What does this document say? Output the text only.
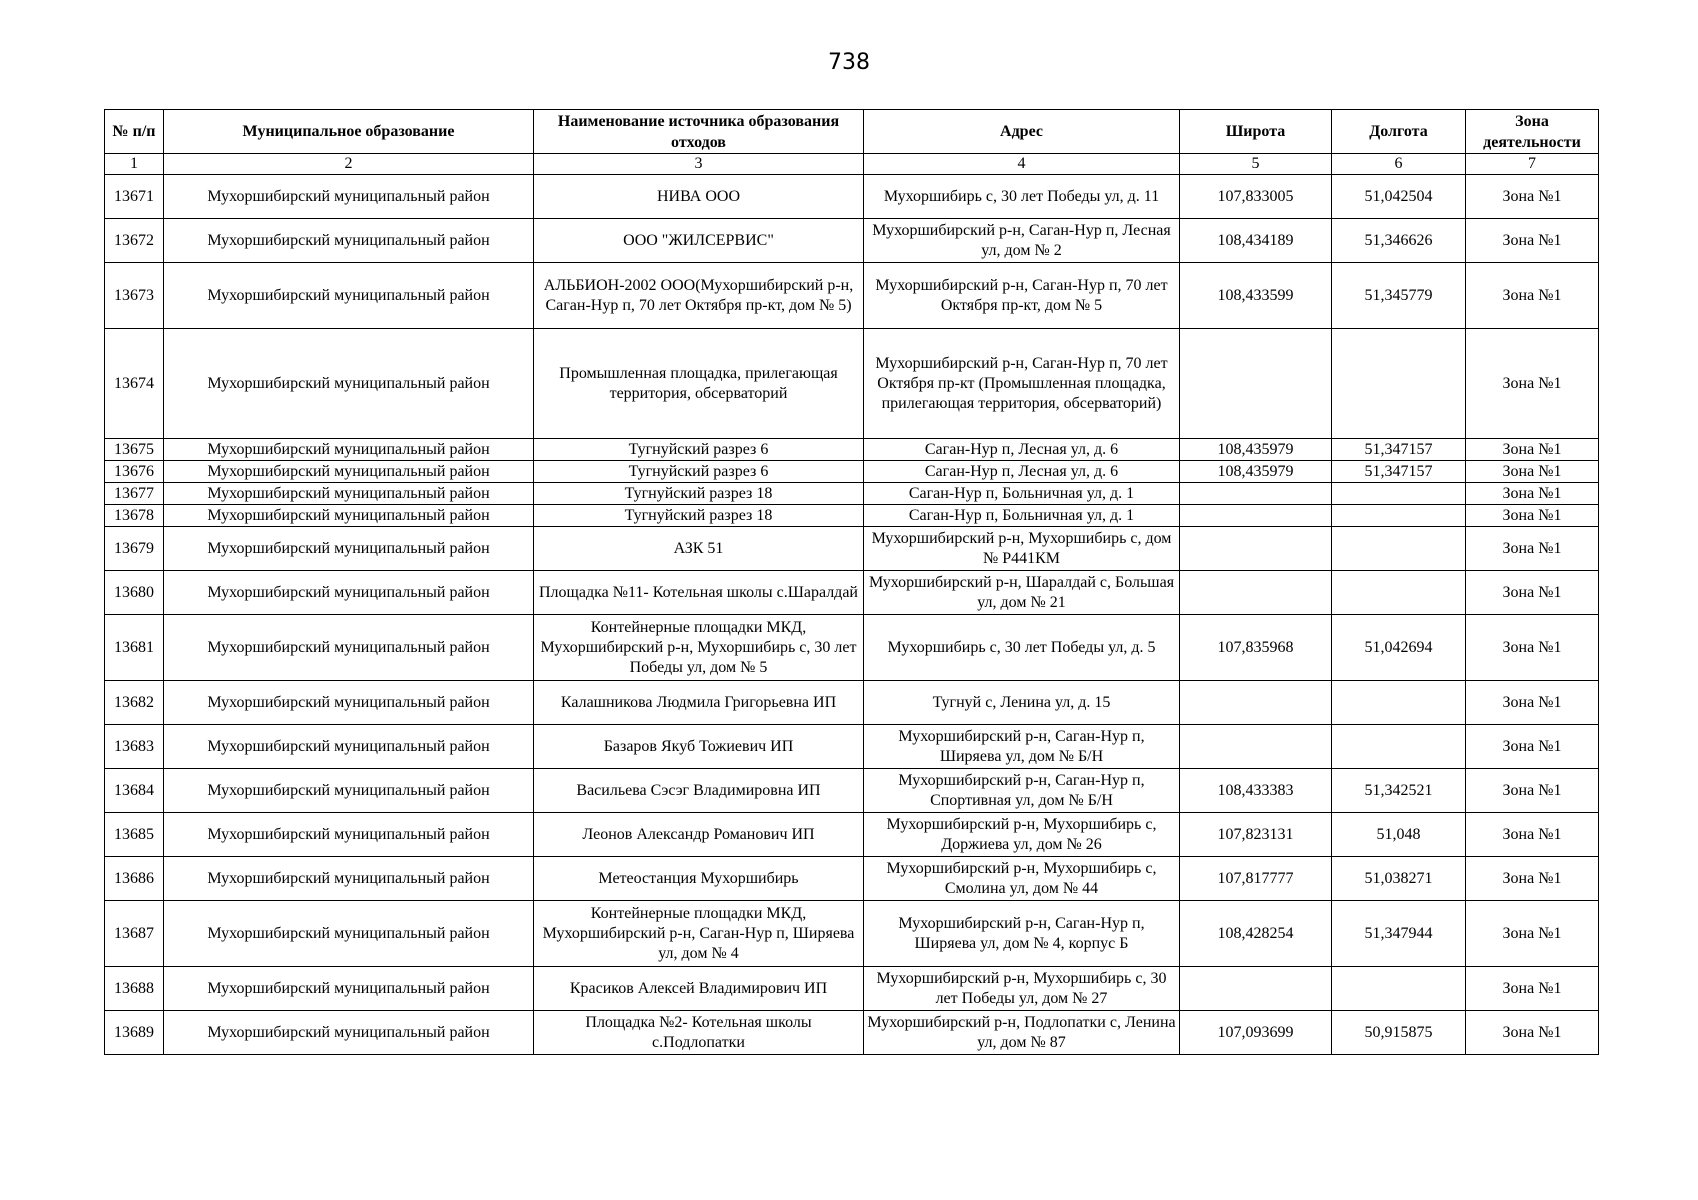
738
№ п/п	Муниципальное образование	Наименование источника образования отходов	Адрес	Широта	Долгота	Зона деятельности
1	2	3	4	5	6	7
13671	Мухоршибирский муниципальный район	НИВА ООО	Мухоршибирь с, 30 лет Победы ул, д. 11	107,833005	51,042504	Зона №1
13672	Мухоршибирский муниципальный район	ООО "ЖИЛСЕРВИС"	Мухоршибирский р-н, Саган-Нур п, Лесная ул, дом № 2	108,434189	51,346626	Зона №1
13673	Мухоршибирский муниципальный район	АЛЬБИОН-2002 ООО(Мухоршибирский р-н, Саган-Нур п, 70 лет Октября пр-кт, дом № 5)	Мухоршибирский р-н, Саган-Нур п, 70 лет Октября пр-кт, дом № 5	108,433599	51,345779	Зона №1
13674	Мухоршибирский муниципальный район	Промышленная площадка, прилегающая территория, обсерваторий	Мухоршибирский р-н, Саган-Нур п, 70 лет Октября пр-кт (Промышленная площадка, прилегающая территория, обсерваторий)			Зона №1
13675	Мухоршибирский муниципальный район	Тугнуйский разрез 6	Саган-Нур п, Лесная ул, д. 6	108,435979	51,347157	Зона №1
13676	Мухоршибирский муниципальный район	Тугнуйский разрез 6	Саган-Нур п, Лесная ул, д. 6	108,435979	51,347157	Зона №1
13677	Мухоршибирский муниципальный район	Тугнуйский разрез 18	Саган-Нур п, Больничная ул, д. 1			Зона №1
13678	Мухоршибирский муниципальный район	Тугнуйский разрез 18	Саган-Нур п, Больничная ул, д. 1			Зона №1
13679	Мухоршибирский муниципальный район	АЗК 51	Мухоршибирский р-н, Мухоршибирь с, дом № Р441КМ			Зона №1
13680	Мухоршибирский муниципальный район	Площадка №11- Котельная школы с.Шаралдай	Мухоршибирский р-н, Шаралдай с, Большая ул, дом № 21			Зона №1
13681	Мухоршибирский муниципальный район	Контейнерные площадки МКД, Мухоршибирский р-н, Мухоршибирь с, 30 лет Победы ул, дом № 5	Мухоршибирь с, 30 лет Победы ул, д. 5	107,835968	51,042694	Зона №1
13682	Мухоршибирский муниципальный район	Калашникова Людмила Григорьевна ИП	Тугнуй с, Ленина ул, д. 15			Зона №1
13683	Мухоршибирский муниципальный район	Базаров Якуб Тожиевич ИП	Мухоршибирский р-н, Саган-Нур п, Ширяева ул, дом № Б/Н			Зона №1
13684	Мухоршибирский муниципальный район	Васильева Сэсэг Владимировна ИП	Мухоршибирский р-н, Саган-Нур п, Спортивная ул, дом № Б/Н	108,433383	51,342521	Зона №1
13685	Мухоршибирский муниципальный район	Леонов Александр Романович ИП	Мухоршибирский р-н, Мухоршибирь с, Доржиева ул, дом № 26	107,823131	51,048	Зона №1
13686	Мухоршибирский муниципальный район	Метеостанция Мухоршибирь	Мухоршибирский р-н, Мухоршибирь с, Смолина ул, дом № 44	107,817777	51,038271	Зона №1
13687	Мухоршибирский муниципальный район	Контейнерные площадки МКД, Мухоршибирский р-н, Саган-Нур п, Ширяева ул, дом № 4	Мухоршибирский р-н, Саган-Нур п, Ширяева ул, дом № 4, корпус Б	108,428254	51,347944	Зона №1
13688	Мухоршибирский муниципальный район	Красиков Алексей Владимирович ИП	Мухоршибирский р-н, Мухоршибирь с, 30 лет Победы ул, дом № 27			Зона №1
13689	Мухоршибирский муниципальный район	Площадка №2- Котельная школы с.Подлопатки	Мухоршибирский р-н, Подлопатки с, Ленина ул, дом № 87	107,093699	50,915875	Зона №1
